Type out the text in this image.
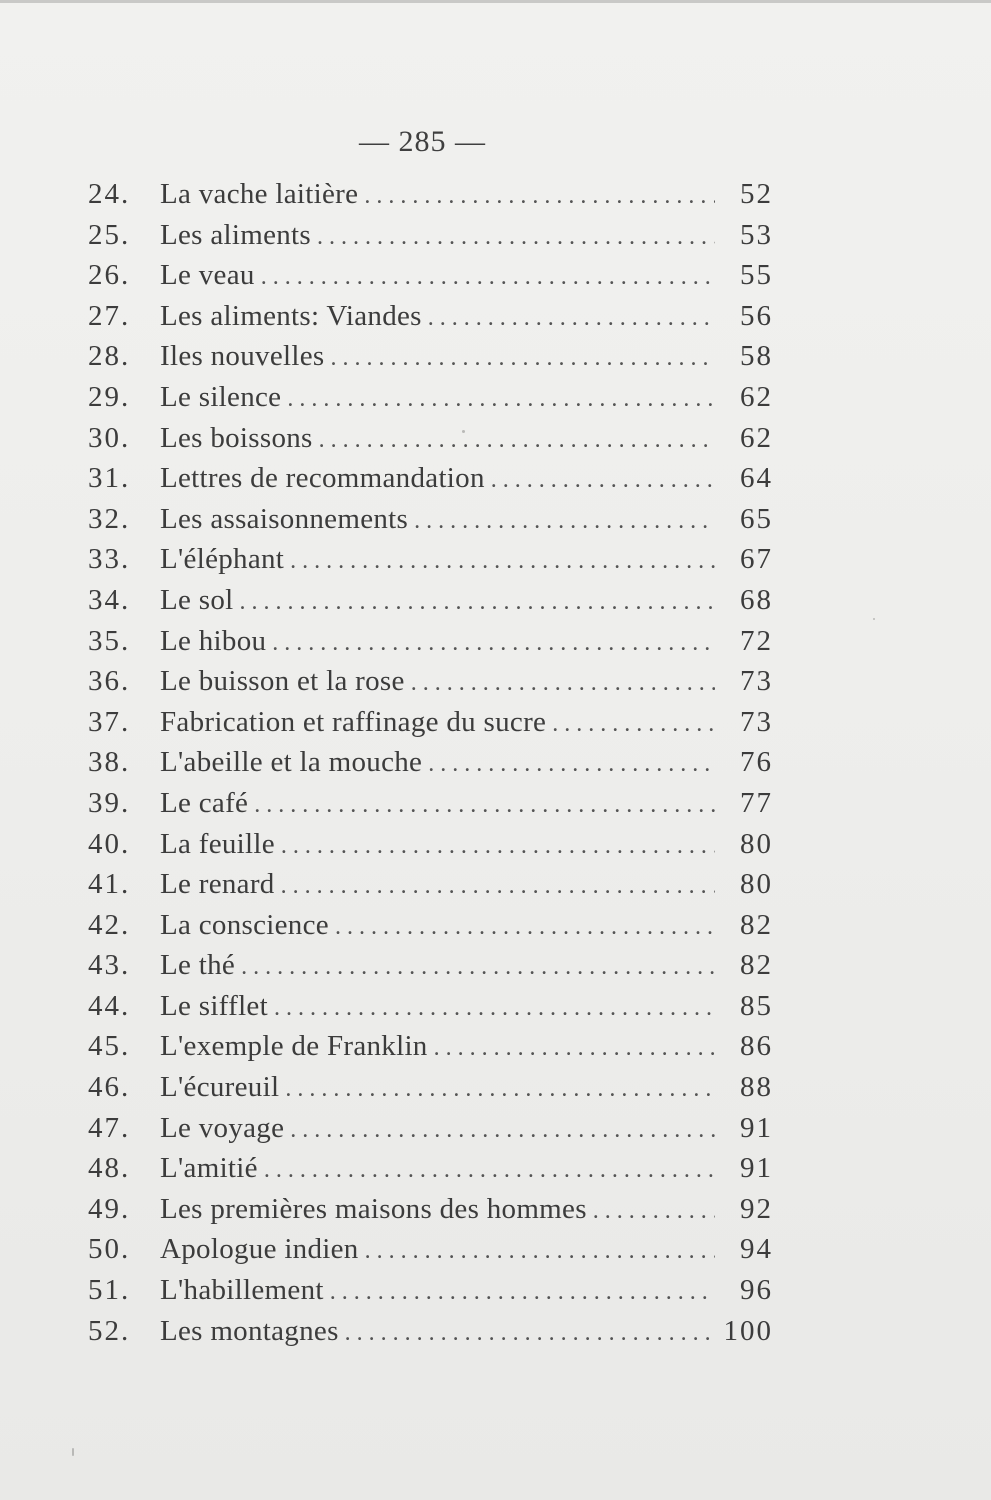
— 285 —
24.	La vache laitière . . .	52
25.	Les aliments . . .	53
26.	Le veau . . .	55
27.	Les aliments: Viandes . . .	56
28.	Iles nouvelles . . .	58
29.	Le silence . . .	62
30.	Les boissons . . .	62
31.	Lettres de recommandation . . .	64
32.	Les assaisonnements . . .	65
33.	L'éléphant . . .	67
34.	Le sol . . .	68
35.	Le hibou . . .	72
36.	Le buisson et la rose . . .	73
37.	Fabrication et raffinage du sucre . . .	73
38.	L'abeille et la mouche . . .	76
39.	Le café . . .	77
40.	La feuille . . .	80
41.	Le renard . . .	80
42.	La conscience . . .	82
43.	Le thé . . .	82
44.	Le sifflet . . .	85
45.	L'exemple de Franklin . . .	86
46.	L'écureuil . . .	88
47.	Le voyage . . .	91
48.	L'amitié . . .	91
49.	Les premières maisons des hommes . . .	92
50.	Apologue indien . . .	94
51.	L'habillement . . .	96
52.	Les montagnes . . .	100
